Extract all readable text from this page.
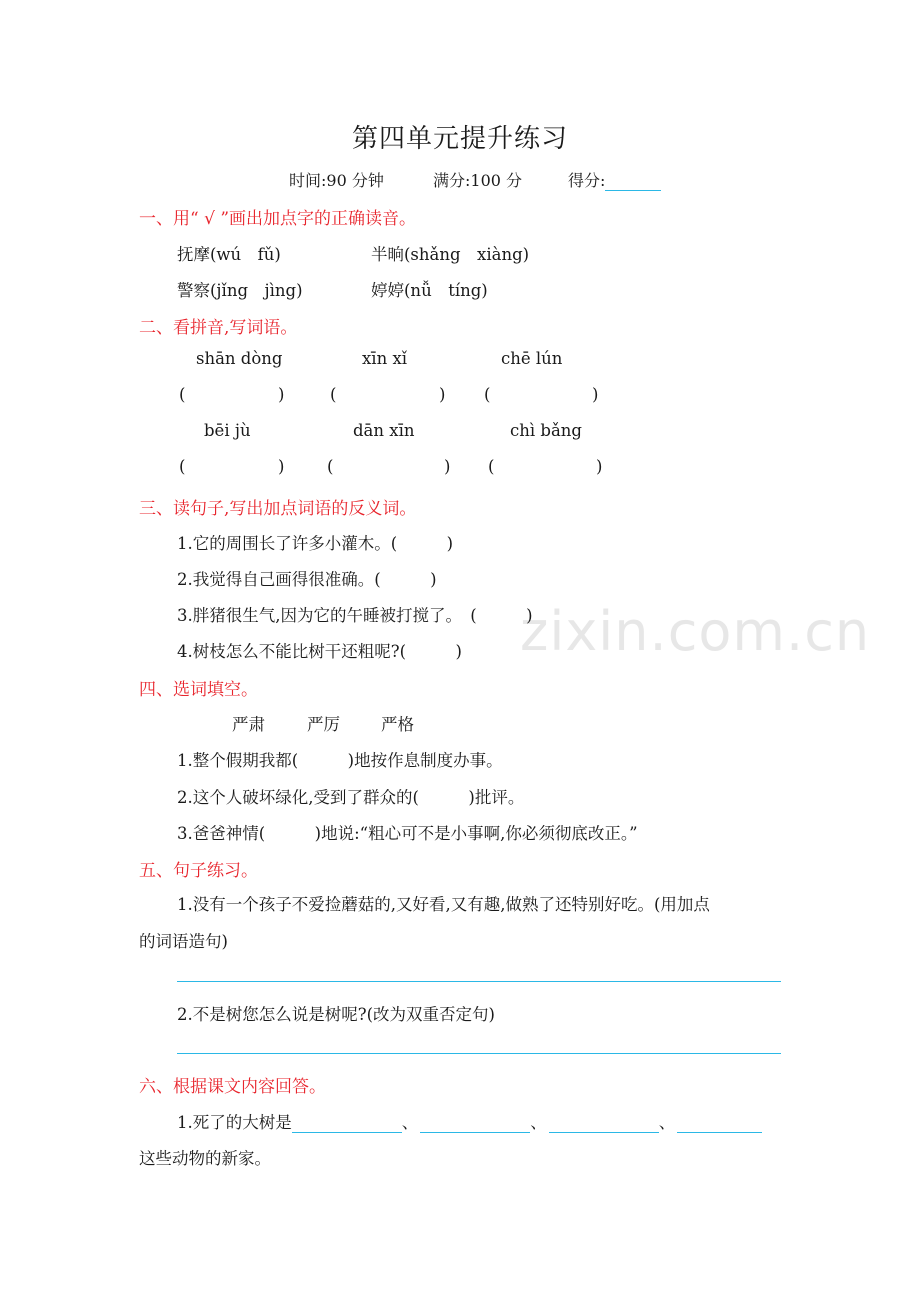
第四单元提升练习
时间:90 分钟	满分:100 分	得分:
zixin.com.cn
一、用“ √ ”画出加点字的正确读音。
抚摩(wú　fǔ)	半晌(shǎng　xiàng)
警察(jǐng　jìng)	婷婷(nǚ　tíng)
二、看拼音,写词语。
shān dòng	xīn xǐ	chē lún
(	)	(	) (	)
bēi jù	dān xīn	chì bǎng
(	)	(	) (	)
三、读句子,写出加点词语的反义词。
1.它的周围长了许多小灌木。(　　　)
2.我觉得自己画得很准确。(　　　)
3.胖猪很生气,因为它的午睡被打搅了。　(　　　)
4.树枝怎么不能比树干还粗呢?(　　　)
四、选词填空。
严肃	严厉 严格
1.整个假期我都(　　　)地按作息制度办事。
2.这个人破坏绿化,受到了群众的(　　　)批评。
3.爸爸神情(　　　)地说:“粗心可不是小事啊,你必须彻底改正。”
五、句子练习。
1.没有一个孩子不爱捡蘑菇的,又好看,又有趣,做熟了还特别好吃。(用加点
的词语造句)
2.不是树您怎么说是树呢?(改为双重否定句)
六、根据课文内容回答。
1.死了的大树是	、	、	、
这些动物的新家。
